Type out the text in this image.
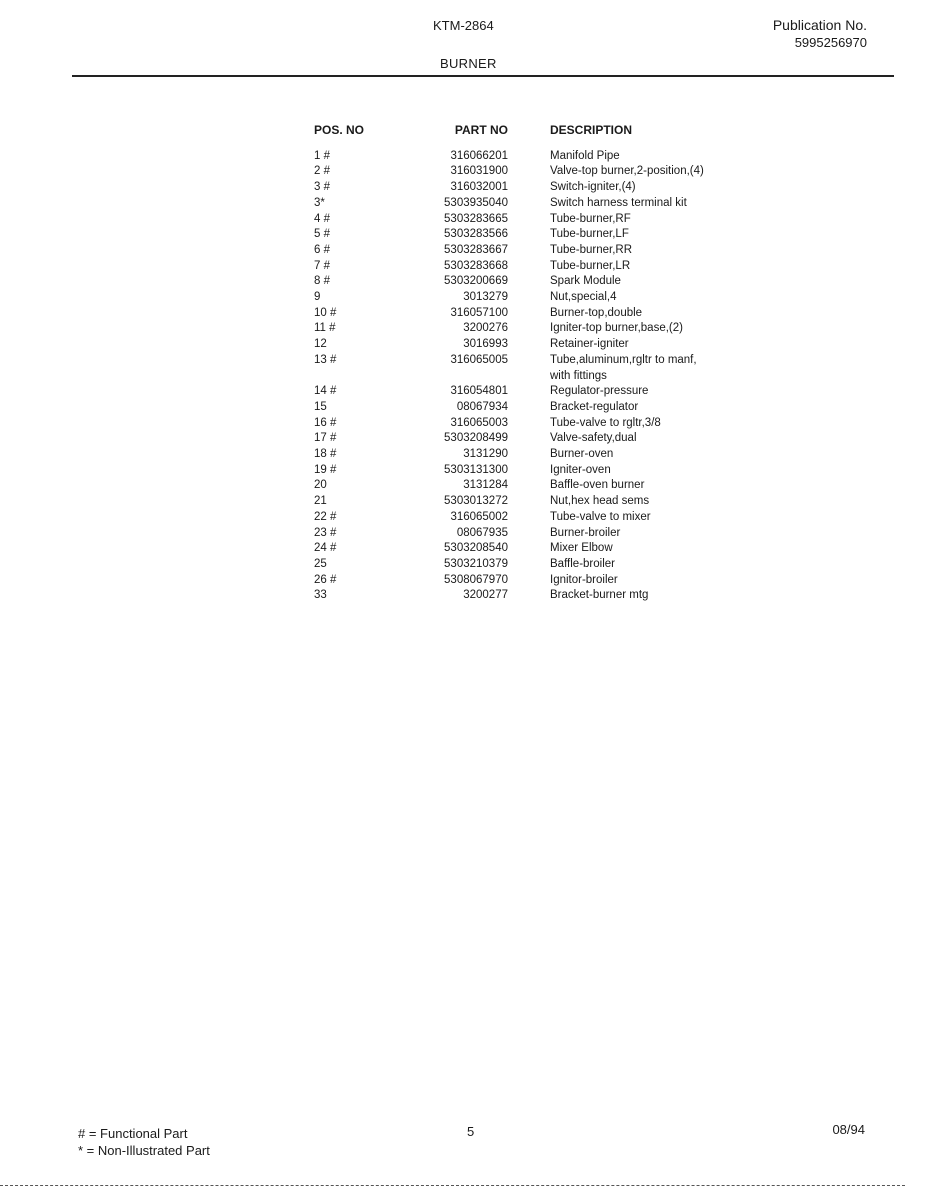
KTM-2864	Publication No.
5995256970
BURNER
POS. NO	PART NO		DESCRIPTION
1 #	316066201		Manifold Pipe
2 #	316031900		Valve-top burner,2-position,(4)
3 #	316032001		Switch-igniter,(4)
3*	5303935040		Switch harness terminal kit
4 #	5303283665		Tube-burner,RF
5 #	5303283566		Tube-burner,LF
6 #	5303283667		Tube-burner,RR
7 #	5303283668		Tube-burner,LR
8 #	5303200669		Spark Module
9	3013279		Nut,special,4
10 #	316057100		Burner-top,double
11 #	3200276		Igniter-top burner,base,(2)
12	3016993		Retainer-igniter
13 #	316065005		Tube,aluminum,rgltr to manf,
			with fittings
14 #	316054801		Regulator-pressure
15	08067934		Bracket-regulator
16 #	316065003		Tube-valve to rgltr,3/8
17 #	5303208499		Valve-safety,dual
18 #	3131290		Burner-oven
19 #	5303131300		Igniter-oven
20	3131284		Baffle-oven burner
21	5303013272		Nut,hex head sems
22 #	316065002		Tube-valve to mixer
23 #	08067935		Burner-broiler
24 #	5303208540		Mixer Elbow
25	5303210379		Baffle-broiler
26 #	5308067970		Ignitor-broiler
33	3200277		Bracket-burner mtg
# = Functional Part
* = Non-Illustrated Part
5	08/94
